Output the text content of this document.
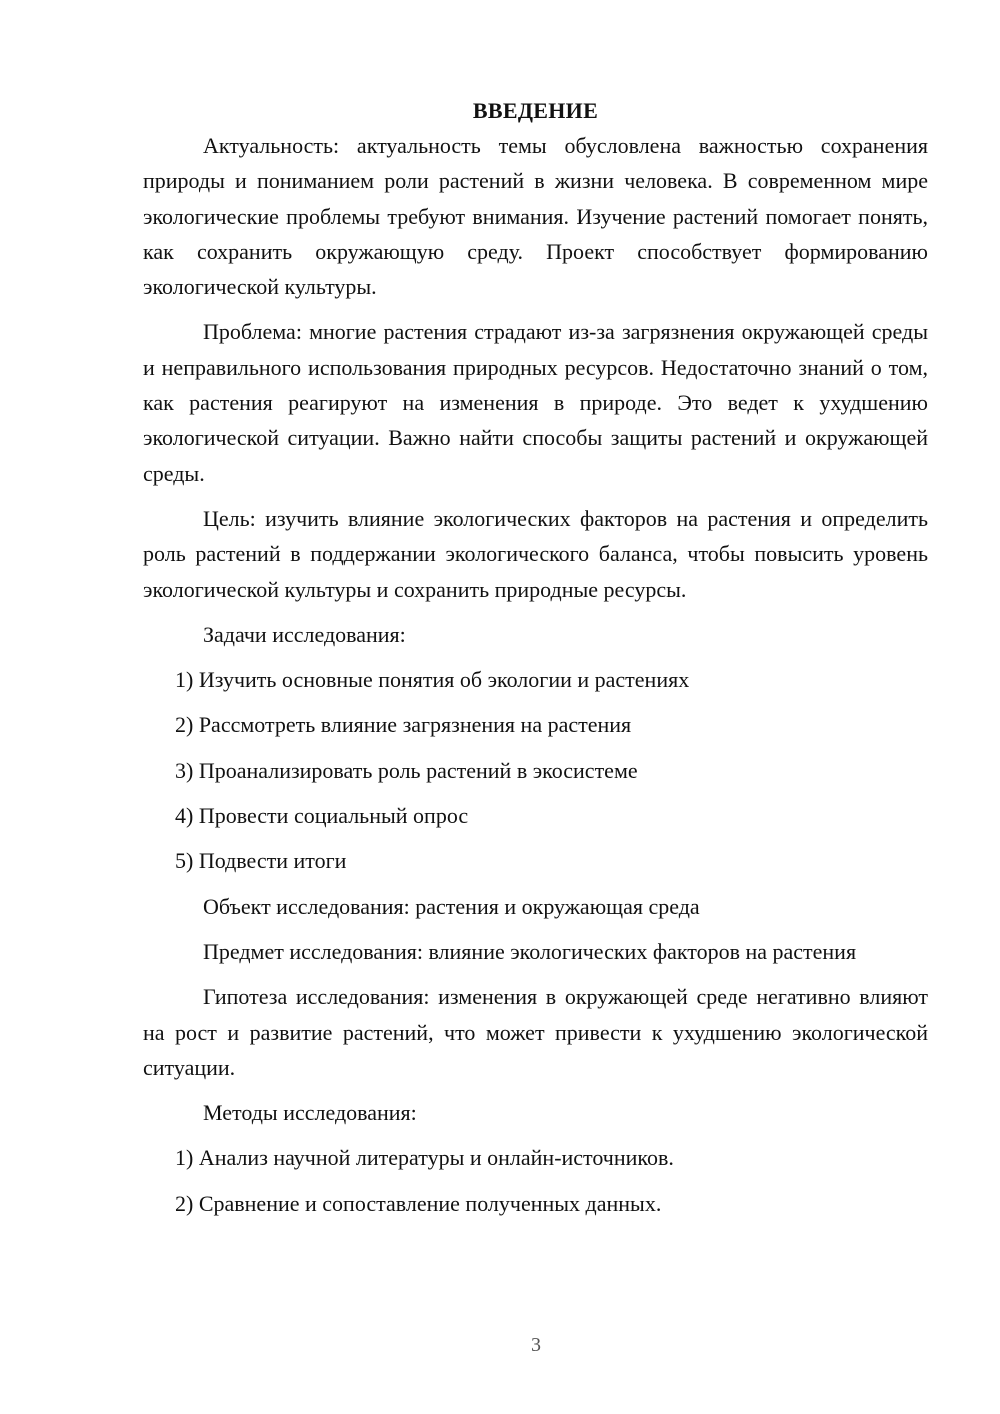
ВВЕДЕНИЕ

Актуальность: актуальность темы обусловлена важностью сохранения природы и пониманием роли растений в жизни человека. В современном мире экологические проблемы требуют внимания. Изучение растений помогает понять, как сохранить окружающую среду. Проект способствует формированию экологической культуры.

Проблема: многие растения страдают из-за загрязнения окружающей среды и неправильного использования природных ресурсов. Недостаточно знаний о том, как растения реагируют на изменения в природе. Это ведет к ухудшению экологической ситуации. Важно найти способы защиты растений и окружающей среды.

Цель: изучить влияние экологических факторов на растения и определить роль растений в поддержании экологического баланса, чтобы повысить уровень экологической культуры и сохранить природные ресурсы.

Задачи исследования:

1) Изучить основные понятия об экологии и растениях

2) Рассмотреть влияние загрязнения на растения

3) Проанализировать роль растений в экосистеме

4) Провести социальный опрос

5) Подвести итоги

Объект исследования: растения и окружающая среда

Предмет исследования: влияние экологических факторов на растения

Гипотеза исследования: изменения в окружающей среде негативно влияют на рост и развитие растений, что может привести к ухудшению экологической ситуации.

Методы исследования:

1) Анализ научной литературы и онлайн-источников.

2) Сравнение и сопоставление полученных данных.

3
